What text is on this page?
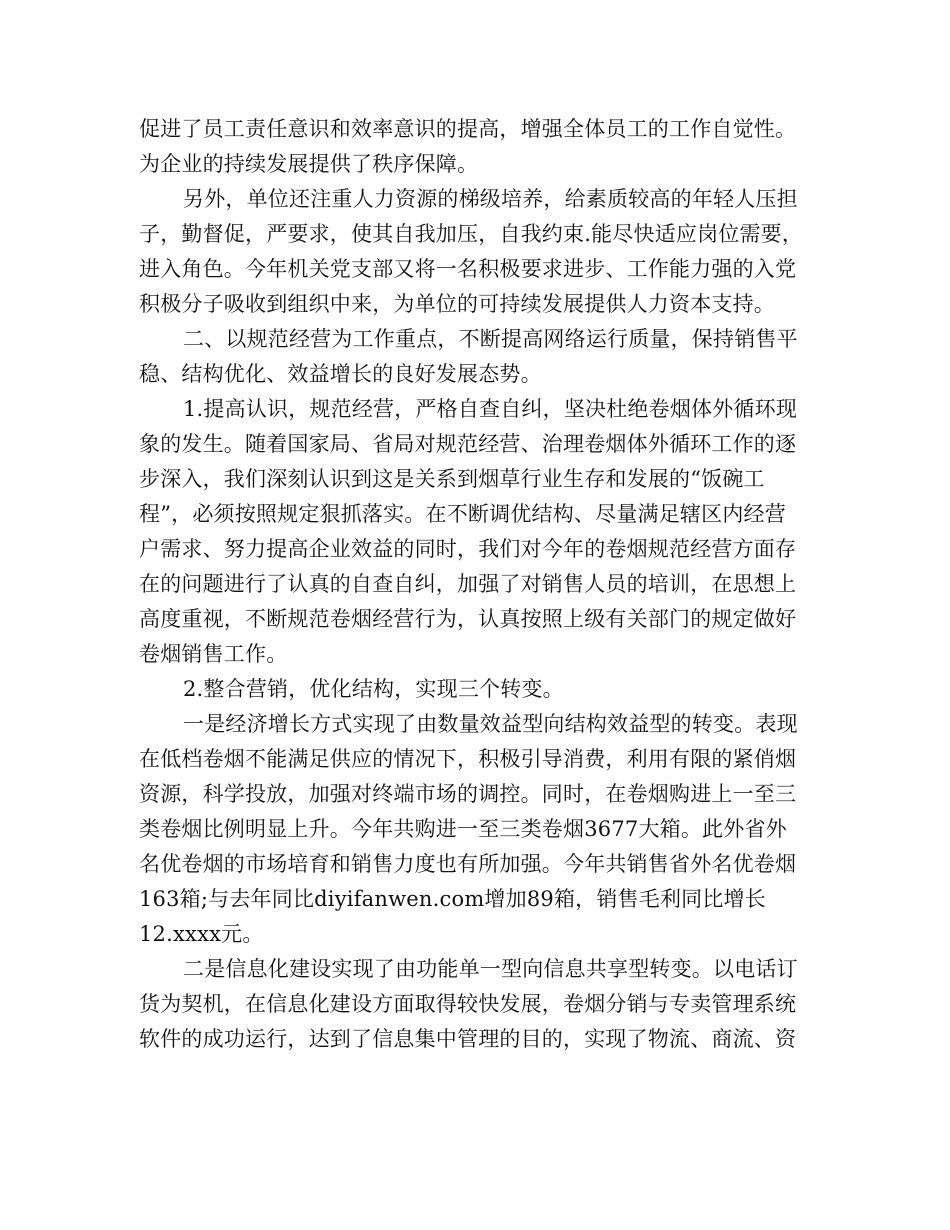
促进了员工责任意识和效率意识的提高，增强全体员工的工作自觉性。
为企业的持续发展提供了秩序保障。
另外，单位还注重人力资源的梯级培养，给素质较高的年轻人压担
子，勤督促，严要求，使其自我加压，自我约束.能尽快适应岗位需要，
进入角色。今年机关党支部又将一名积极要求进步、工作能力强的入党
积极分子吸收到组织中来，为单位的可持续发展提供人力资本支持。
二、以规范经营为工作重点，不断提高网络运行质量，保持销售平
稳、结构优化、效益增长的良好发展态势。
1.提高认识，规范经营，严格自查自纠，坚决杜绝卷烟体外循环现
象的发生。随着国家局、省局对规范经营、治理卷烟体外循环工作的逐
步深入，我们深刻认识到这是关系到烟草行业生存和发展的“饭碗工
程”，必须按照规定狠抓落实。在不断调优结构、尽量满足辖区内经营
户需求、努力提高企业效益的同时，我们对今年的卷烟规范经营方面存
在的问题进行了认真的自查自纠，加强了对销售人员的培训，在思想上
高度重视，不断规范卷烟经营行为，认真按照上级有关部门的规定做好
卷烟销售工作。
2.整合营销，优化结构，实现三个转变。
一是经济增长方式实现了由数量效益型向结构效益型的转变。表现
在低档卷烟不能满足供应的情况下，积极引导消费，利用有限的紧俏烟
资源，科学投放，加强对终端市场的调控。同时，在卷烟购进上一至三
类卷烟比例明显上升。今年共购进一至三类卷烟3677大箱。此外省外
名优卷烟的市场培育和销售力度也有所加强。今年共销售省外名优卷烟
163箱;与去年同比diyifanwen.com增加89箱，销售毛利同比增长
12.xxxx元。
二是信息化建设实现了由功能单一型向信息共享型转变。以电话订
货为契机，在信息化建设方面取得较快发展，卷烟分销与专卖管理系统
软件的成功运行，达到了信息集中管理的目的，实现了物流、商流、资
